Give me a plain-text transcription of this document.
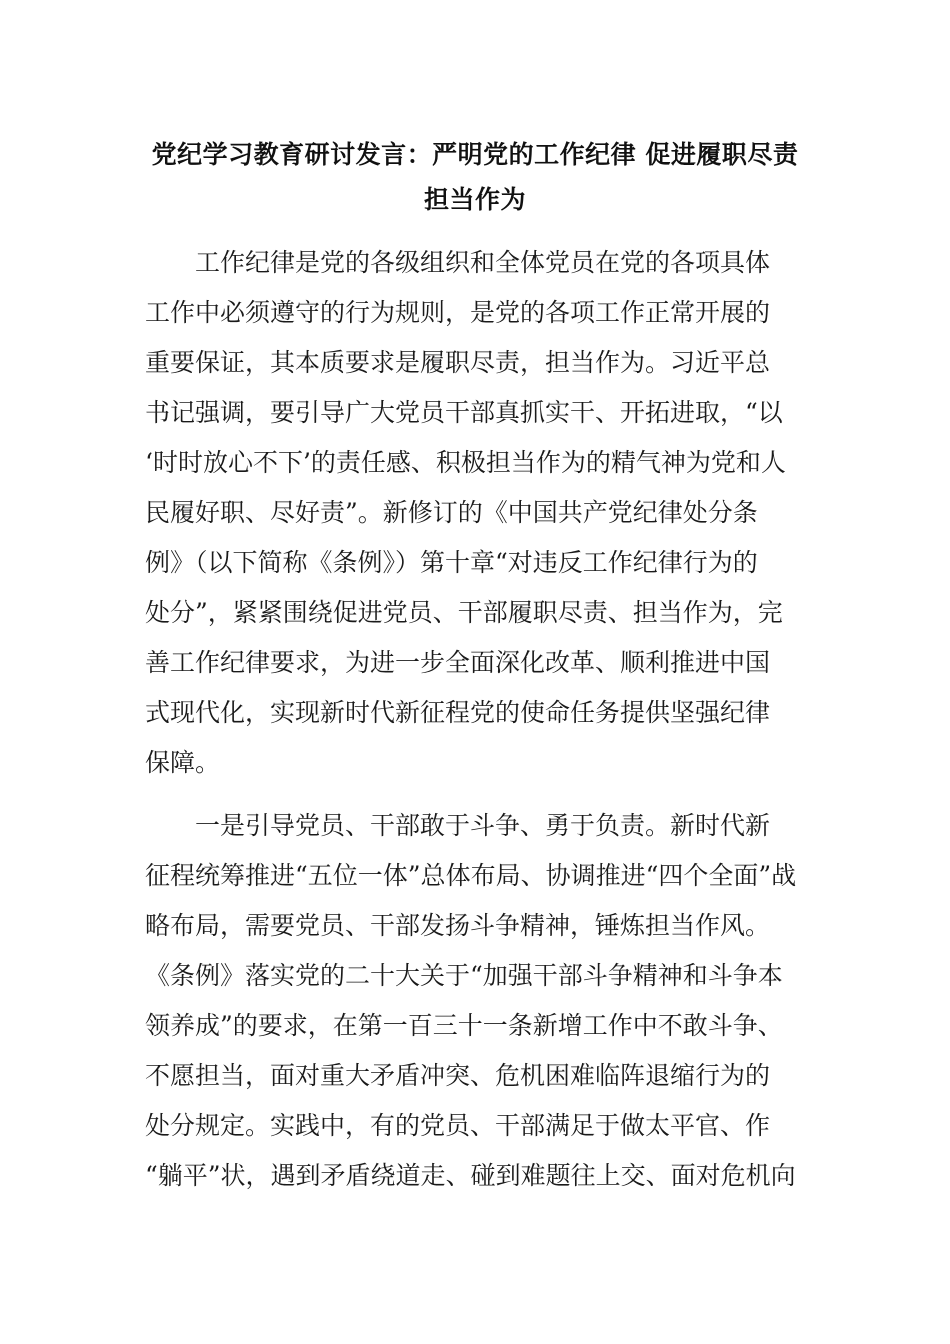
党纪学习教育研讨发言：严明党的工作纪律 促进履职尽责
担当作为
工作纪律是党的各级组织和全体党员在党的各项具体
工作中必须遵守的行为规则，是党的各项工作正常开展的
重要保证，其本质要求是履职尽责，担当作为。习近平总
书记强调，要引导广大党员干部真抓实干、开拓进取，“以
‘时时放心不下’的责任感、积极担当作为的精气神为党和人
民履好职、尽好责”。新修订的《中国共产党纪律处分条
例》（以下简称《条例》）第十章“对违反工作纪律行为的
处分”，紧紧围绕促进党员、干部履职尽责、担当作为，完
善工作纪律要求，为进一步全面深化改革、顺利推进中国
式现代化，实现新时代新征程党的使命任务提供坚强纪律
保障。
一是引导党员、干部敢于斗争、勇于负责。新时代新
征程统筹推进“五位一体”总体布局、协调推进“四个全面”战
略布局，需要党员、干部发扬斗争精神，锤炼担当作风。
《条例》落实党的二十大关于“加强干部斗争精神和斗争本
领养成”的要求，在第一百三十一条新增工作中不敢斗争、
不愿担当，面对重大矛盾冲突、危机困难临阵退缩行为的
处分规定。实践中，有的党员、干部满足于做太平官、作
“躺平”状，遇到矛盾绕道走、碰到难题往上交、面对危机向
